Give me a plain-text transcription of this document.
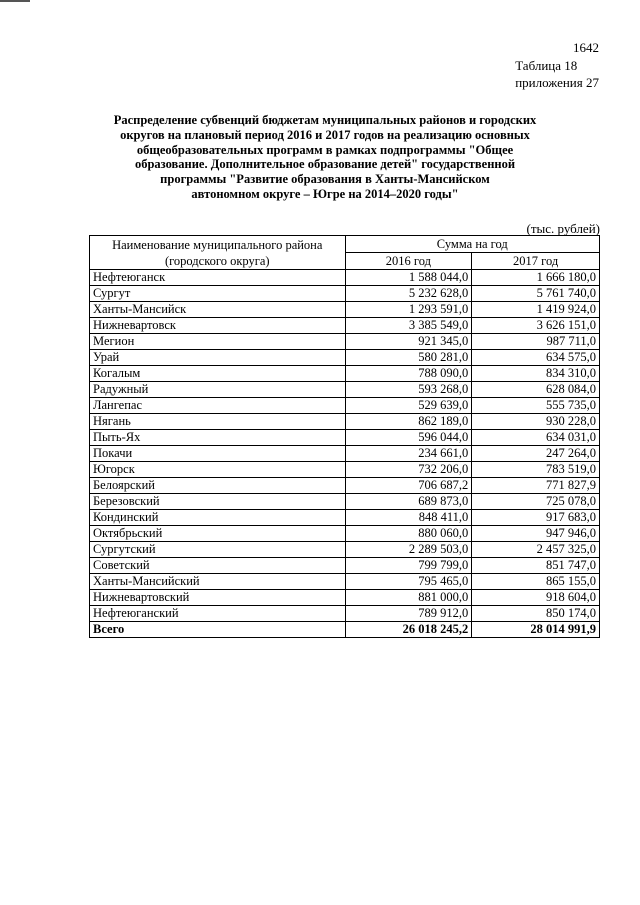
1642
Таблица 18
приложения 27
Распределение субвенций бюджетам муниципальных районов и городских
округов на плановый период 2016 и 2017 годов на реализацию основных
общеобразовательных программ в рамках подпрограммы "Общее
образование. Дополнительное образование детей" государственной
программы "Развитие образования в Ханты-Мансийском
автономном округе – Югре на 2014–2020 годы"
(тыс. рублей)
Наименование муниципального района
(городского округа)	Сумма на год	
	2016 год	2017 год
Нефтеюганск	1 588 044,0	1 666 180,0
Сургут	5 232 628,0	5 761 740,0
Ханты-Мансийск	1 293 591,0	1 419 924,0
Нижневартовск	3 385 549,0	3 626 151,0
Мегион	921 345,0	987 711,0
Урай	580 281,0	634 575,0
Когалым	788 090,0	834 310,0
Радужный	593 268,0	628 084,0
Лангепас	529 639,0	555 735,0
Нягань	862 189,0	930 228,0
Пыть-Ях	596 044,0	634 031,0
Покачи	234 661,0	247 264,0
Югорск	732 206,0	783 519,0
Белоярский	706 687,2	771 827,9
Березовский	689 873,0	725 078,0
Кондинский	848 411,0	917 683,0
Октябрьский	880 060,0	947 946,0
Сургутский	2 289 503,0	2 457 325,0
Советский	799 799,0	851 747,0
Ханты-Мансийский	795 465,0	865 155,0
Нижневартовский	881 000,0	918 604,0
Нефтеюганский	789 912,0	850 174,0
Всего	26 018 245,2	28 014 991,9
